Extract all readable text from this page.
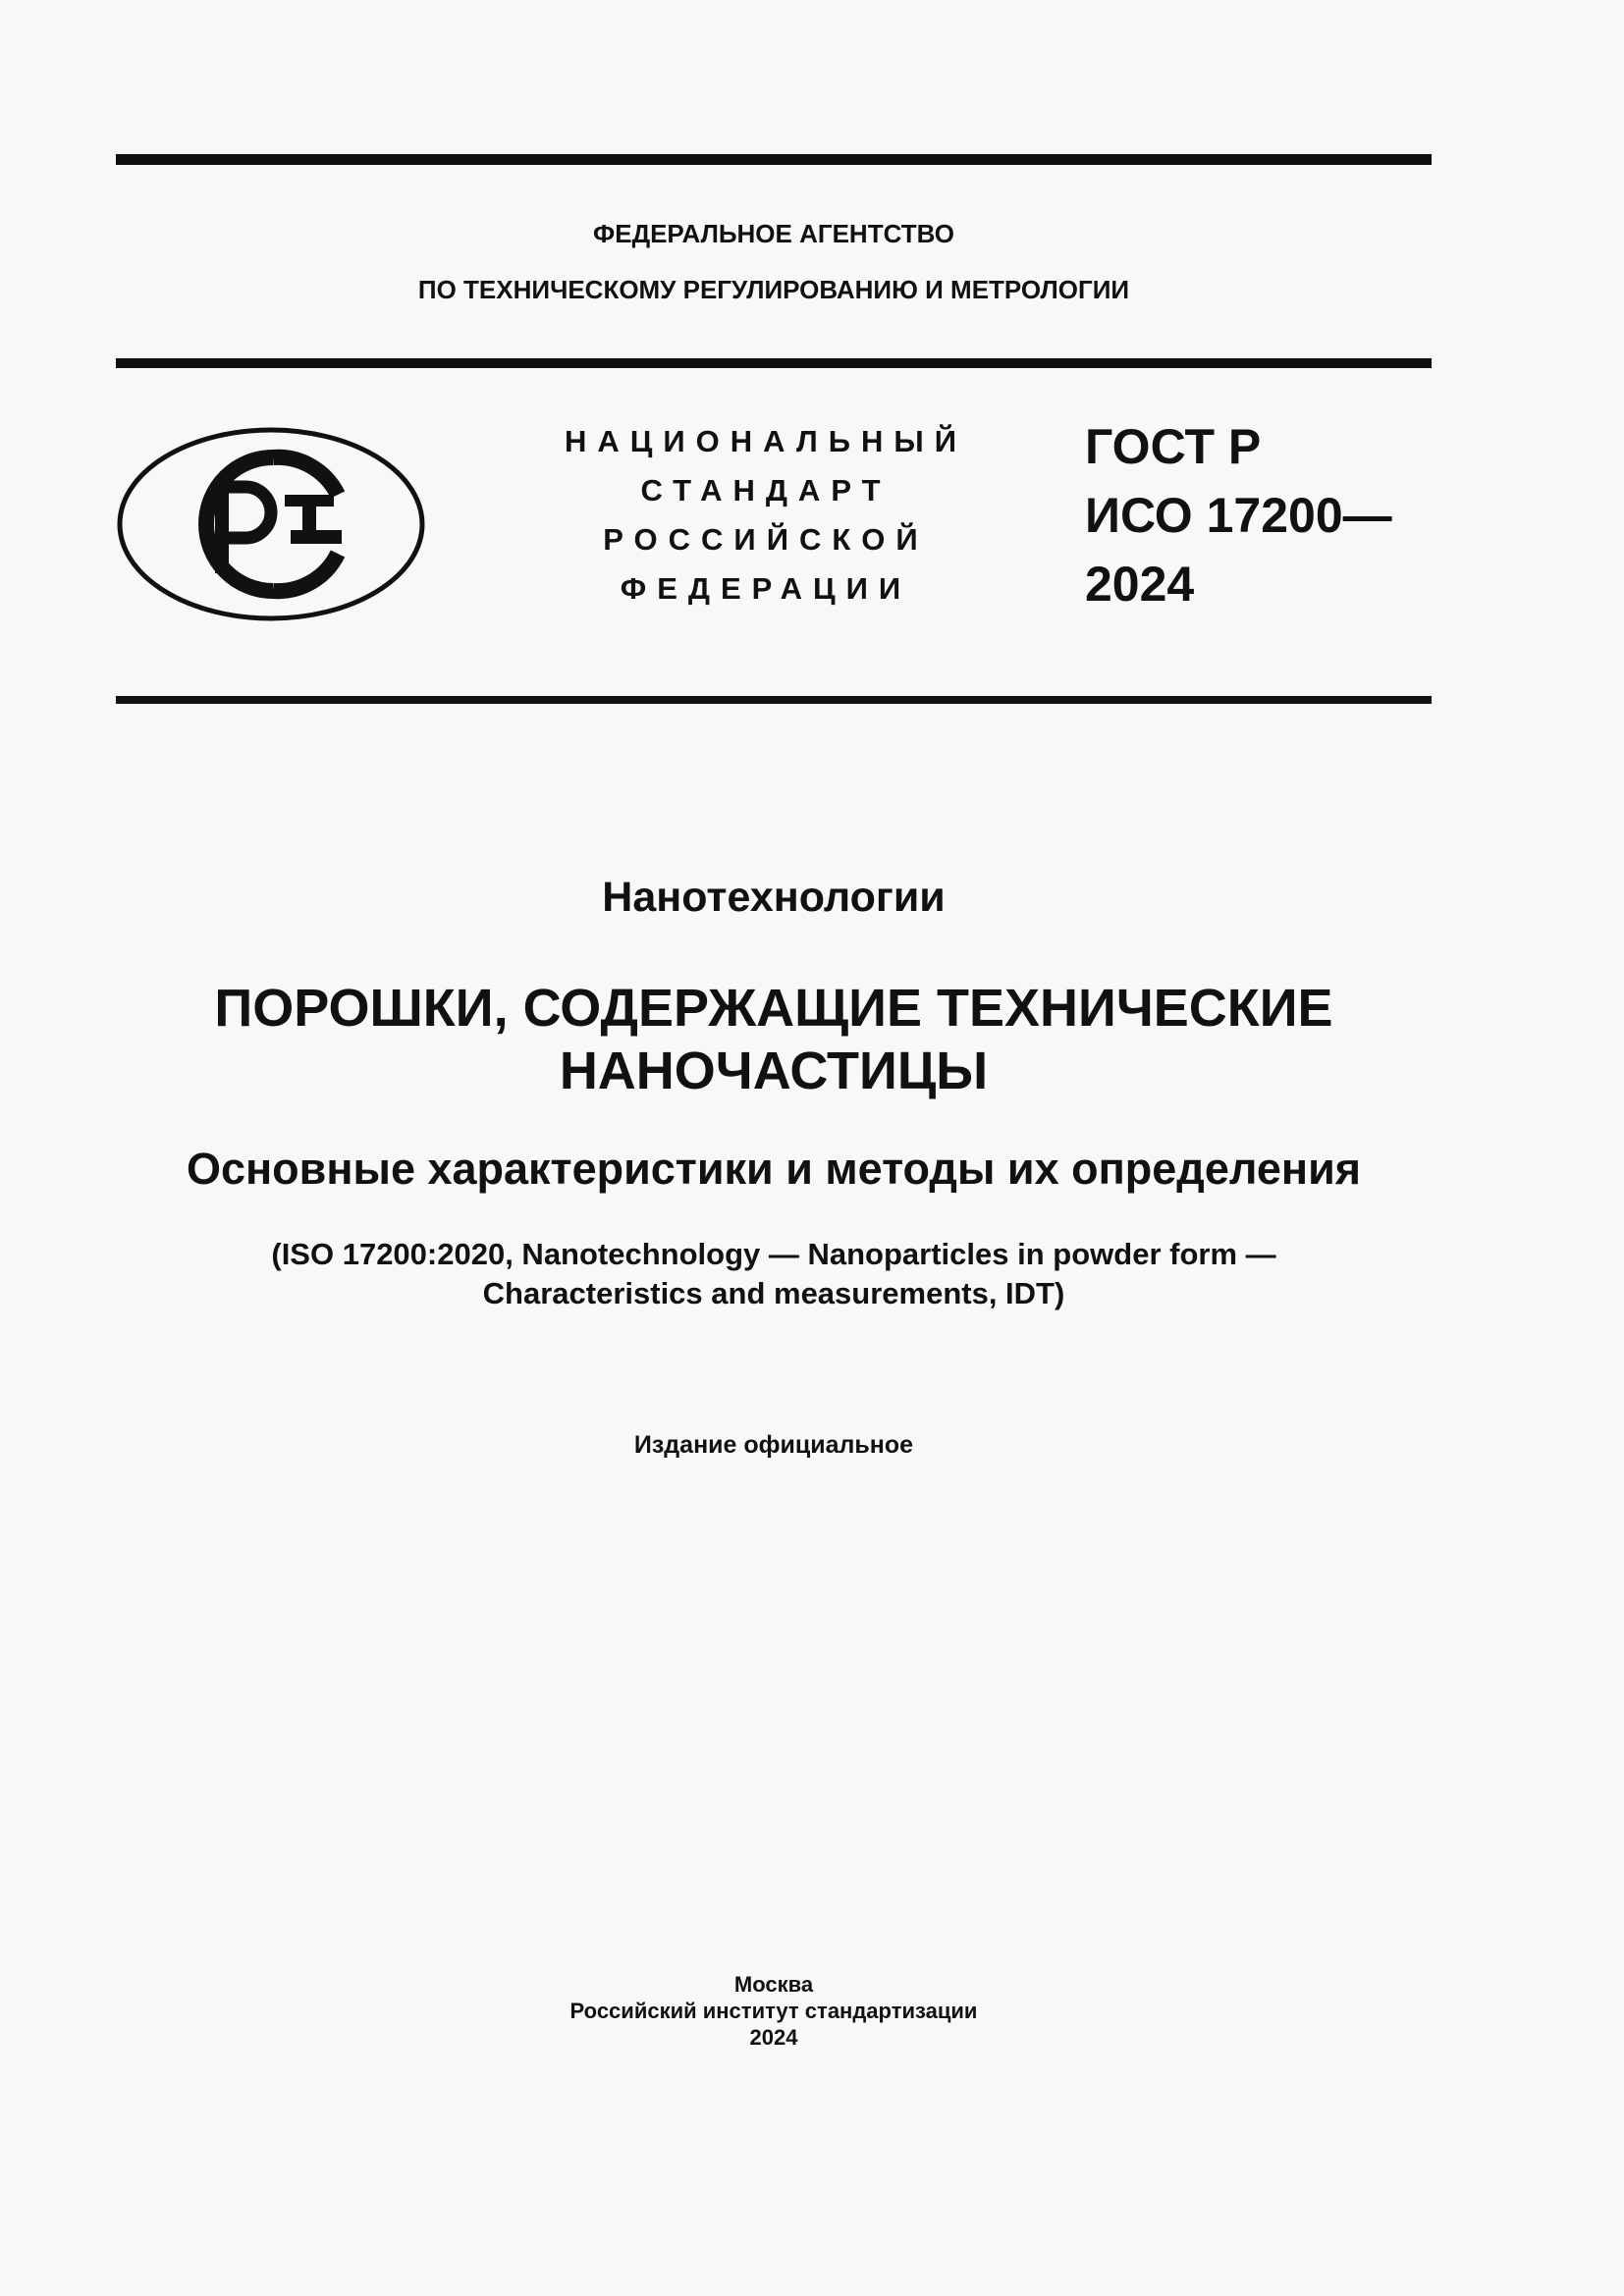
ФЕДЕРАЛЬНОЕ АГЕНТСТВО
ПО ТЕХНИЧЕСКОМУ РЕГУЛИРОВАНИЮ И МЕТРОЛОГИИ
НАЦИОНАЛЬНЫЙ
СТАНДАРТ
РОССИЙСКОЙ
ФЕДЕРАЦИИ
ГОСТ Р
ИСО 17200—
2024
Нанотехнологии
ПОРОШКИ, СОДЕРЖАЩИЕ ТЕХНИЧЕСКИЕ
НАНОЧАСТИЦЫ
Основные характеристики и методы их определения
(ISO 17200:2020, Nanotechnology — Nanoparticles in powder form —
Characteristics and measurements, IDT)
Издание официальное
Москва
Российский институт стандартизации
2024
